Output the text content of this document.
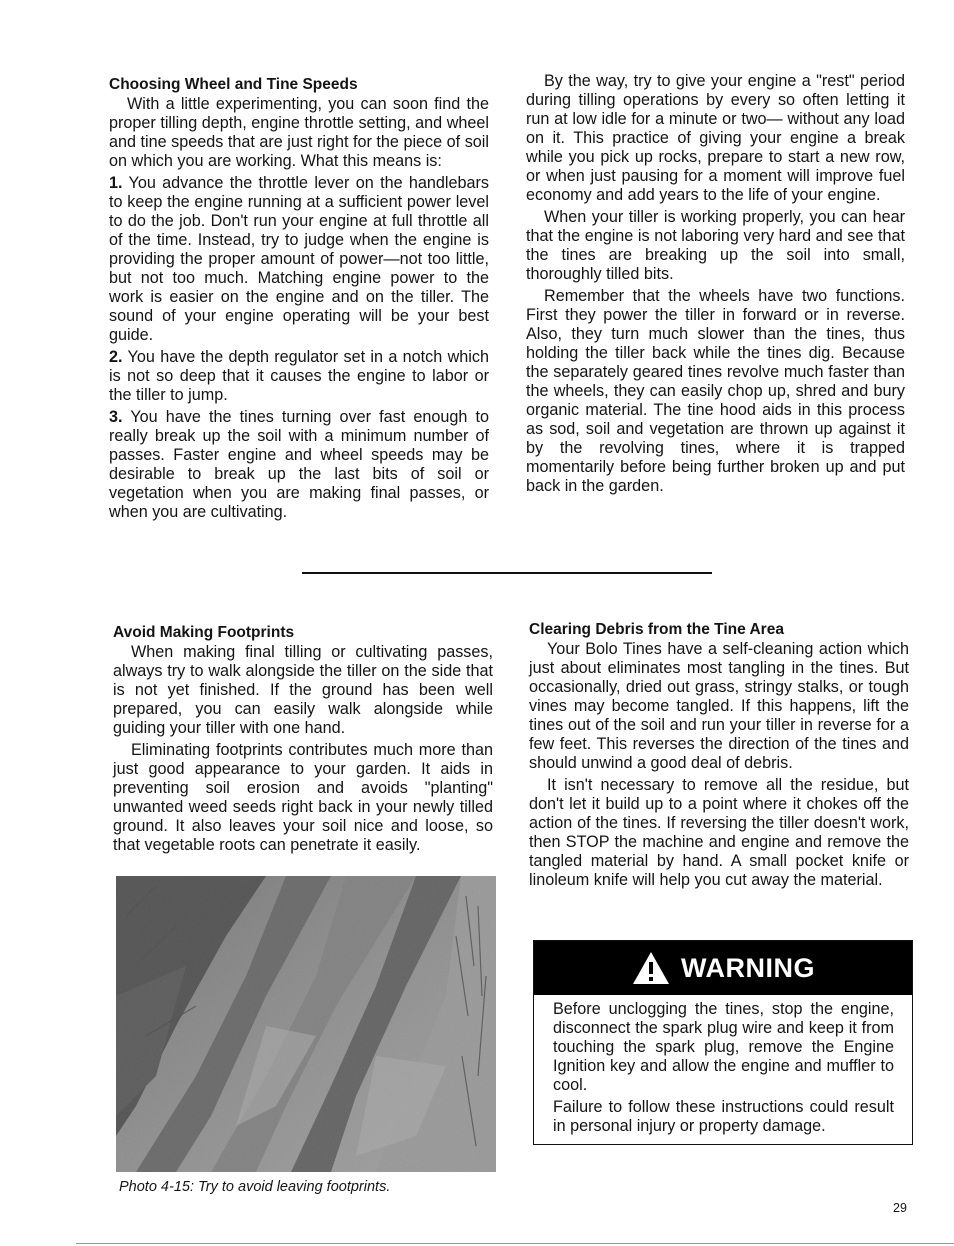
Choosing Wheel and Tine Speeds

With a little experimenting, you can soon find the proper tilling depth, engine throttle setting, and wheel and tine speeds that are just right for the piece of soil on which you are working. What this means is:

1. You advance the throttle lever on the handlebars to keep the engine running at a sufficient power level to do the job. Don't run your engine at full throttle all of the time. Instead, try to judge when the engine is providing the proper amount of power—not too little, but not too much. Matching engine power to the work is easier on the engine and on the tiller. The sound of your engine operating will be your best guide.

2. You have the depth regulator set in a notch which is not so deep that it causes the engine to labor or the tiller to jump.

3. You have the tines turning over fast enough to really break up the soil with a minimum number of passes. Faster engine and wheel speeds may be desirable to break up the last bits of soil or vegetation when you are making final passes, or when you are cultivating.

By the way, try to give your engine a "rest" period during tilling operations by every so often letting it run at low idle for a minute or two— without any load on it. This practice of giving your engine a break while you pick up rocks, prepare to start a new row, or when just pausing for a moment will improve fuel economy and add years to the life of your engine.

When your tiller is working properly, you can hear that the engine is not laboring very hard and see that the tines are breaking up the soil into small, thoroughly tilled bits.

Remember that the wheels have two functions. First they power the tiller in forward or in reverse. Also, they turn much slower than the tines, thus holding the tiller back while the tines dig. Because the separately geared tines revolve much faster than the wheels, they can easily chop up, shred and bury organic material. The tine hood aids in this process as sod, soil and vegetation are thrown up against it by the revolving tines, where it is trapped momentarily before being further broken up and put back in the garden.

Avoid Making Footprints

When making final tilling or cultivating passes, always try to walk alongside the tiller on the side that is not yet finished. If the ground has been well prepared, you can easily walk alongside while guiding your tiller with one hand.

Eliminating footprints contributes much more than just good appearance to your garden. It aids in preventing soil erosion and avoids "planting" unwanted weed seeds right back in your newly tilled ground. It also leaves your soil nice and loose, so that vegetable roots can penetrate it easily.

Photo 4-15: Try to avoid leaving footprints.
Clearing Debris from the Tine Area

Your Bolo Tines have a self-cleaning action which just about eliminates most tangling in the tines. But occasionally, dried out grass, stringy stalks, or tough vines may become tangled. If this happens, lift the tines out of the soil and run your tiller in reverse for a few feet. This reverses the direction of the tines and should unwind a good deal of debris.

It isn't necessary to remove all the residue, but don't let it build up to a point where it chokes off the action of the tines. If reversing the tiller doesn't work, then STOP the machine and engine and remove the tangled material by hand. A small pocket knife or linoleum knife will help you cut away the material.

WARNING

Before unclogging the tines, stop the engine, disconnect the spark plug wire and keep it from touching the spark plug, remove the Engine Ignition key and allow the engine and muffler to cool.

Failure to follow these instructions could result in personal injury or property damage.

29
